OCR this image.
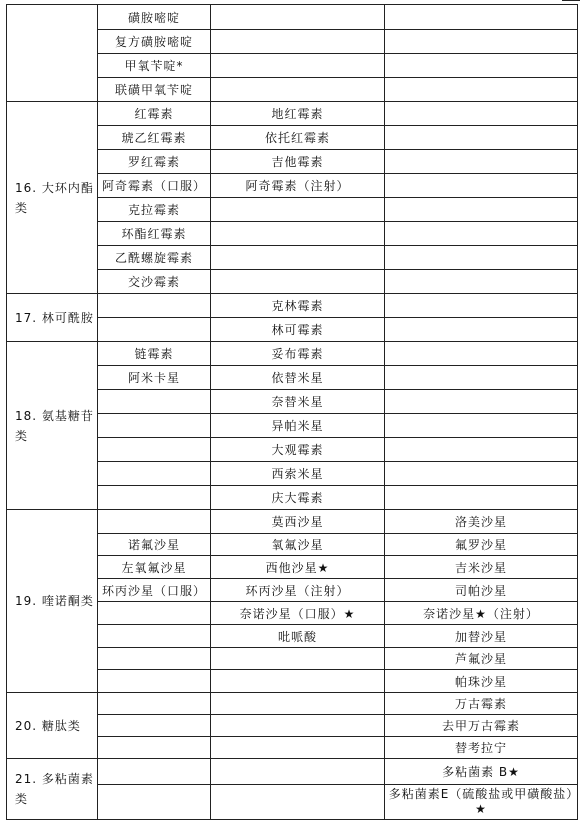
	磺胺嘧啶		
	复方磺胺嘧啶		
	甲氧苄啶*		
	联磺甲氧苄啶		
16. 大环内酯类	红霉素	地红霉素	
	琥乙红霉素	依托红霉素	
	罗红霉素	吉他霉素	
	阿奇霉素（口服）	阿奇霉素（注射）	
	克拉霉素		
	环酯红霉素		
	乙酰螺旋霉素		
	交沙霉素		
17. 林可酰胺		克林霉素	
		林可霉素	
18. 氨基糖苷类	链霉素	妥布霉素	
	阿米卡星	依替米星	
		奈替米星	
		异帕米星	
		大观霉素	
		西索米星	
		庆大霉素	
19. 喹诺酮类		莫西沙星	洛美沙星
	诺氟沙星	氧氟沙星	氟罗沙星
	左氧氟沙星	西他沙星★	吉米沙星
	环丙沙星（口服）	环丙沙星（注射）	司帕沙星
		奈诺沙星（口服）★	奈诺沙星★（注射）
		吡哌酸	加替沙星
			芦氟沙星
			帕珠沙星
20. 糖肽类			万古霉素
			去甲万古霉素
			替考拉宁
21. 多粘菌素类			多粘菌素 B★
			多粘菌素E（硫酸盐或甲磺酸盐）★
